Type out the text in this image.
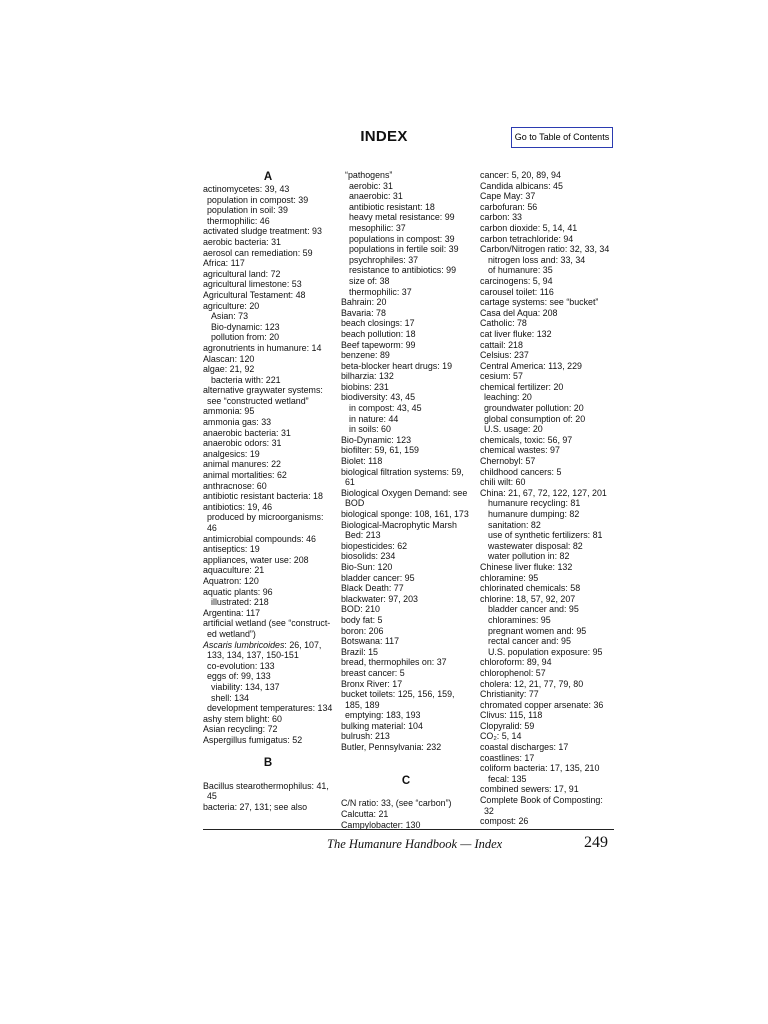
INDEX	Go to Table of Contents
A
actinomycetes: 39, 43
population in compost: 39
population in soil: 39
thermophilic: 46
activated sludge treatment: 93
aerobic bacteria: 31
aerosol can remediation: 59
Africa: 117
agricultural land: 72
agricultural limestone: 53
Agricultural Testament: 48
agriculture: 20
Asian: 73
Bio-dynamic: 123
pollution from: 20
agronutrients in humanure: 14
Alascan: 120
algae: 21, 92
bacteria with: 221
alternative graywater systems:
see “constructed wetland”
ammonia: 95
ammonia gas: 33
anaerobic bacteria: 31
anaerobic odors: 31
analgesics: 19
animal manures: 22
animal mortalities: 62
anthracnose: 60
antibiotic resistant bacteria: 18
antibiotics: 19, 46
produced by microorganisms:
46
antimicrobial compounds: 46
antiseptics: 19
appliances, water use: 208
aquaculture: 21
Aquatron: 120
aquatic plants: 96
illustrated: 218
Argentina: 117
artificial wetland (see “construct-
ed wetland”)
Ascaris lumbricoides: 26, 107,
133, 134, 137, 150-151
co-evolution: 133
eggs of: 99, 133
viability: 134, 137
shell: 134
development temperatures: 134
ashy stem blight: 60
Asian recycling: 72
Aspergillus fumigatus: 52
B
Bacillus stearothermophilus: 41,
45
bacteria: 27, 131; see also
“pathogens”
aerobic: 31
anaerobic: 31
antibiotic resistant: 18
heavy metal resistance: 99
mesophilic: 37
populations in compost: 39
populations in fertile soil: 39
psychrophiles: 37
resistance to antibiotics: 99
size of: 38
thermophilic: 37
Bahrain: 20
Bavaria: 78
beach closings: 17
beach pollution: 18
Beef tapeworm: 99
benzene: 89
beta-blocker heart drugs: 19
bilharzia: 132
biobins: 231
biodiversity: 43, 45
in compost: 43, 45
in nature: 44
in soils: 60
Bio-Dynamic: 123
biofilter: 59, 61, 159
Biolet: 118
biological filtration systems: 59,
61
Biological Oxygen Demand: see
BOD
biological sponge: 108, 161, 173
Biological-Macrophytic Marsh
Bed: 213
biopesticides: 62
biosolids: 234
Bio-Sun: 120
bladder cancer: 95
Black Death: 77
blackwater: 97, 203
BOD: 210
body fat: 5
boron: 206
Botswana: 117
Brazil: 15
bread, thermophiles on: 37
breast cancer: 5
Bronx River: 17
bucket toilets: 125, 156, 159,
185, 189
emptying: 183, 193
bulking material: 104
bulrush: 213
Butler, Pennsylvania: 232
C
C/N ratio: 33, (see “carbon”)
Calcutta: 21
Campylobacter: 130
cancer: 5, 20, 89, 94
Candida albicans: 45
Cape May: 37
carbofuran: 56
carbon: 33
carbon dioxide: 5, 14, 41
carbon tetrachloride: 94
Carbon/Nitrogen ratio: 32, 33, 34
nitrogen loss and: 33, 34
of humanure: 35
carcinogens: 5, 94
carousel toilet: 116
cartage systems: see “bucket”
Casa del Aqua: 208
Catholic: 78
cat liver fluke: 132
cattail: 218
Celsius: 237
Central America: 113, 229
cesium: 57
chemical fertilizer: 20
leaching: 20
groundwater pollution: 20
global consumption of: 20
U.S. usage: 20
chemicals, toxic: 56, 97
chemical wastes: 97
Chernobyl: 57
childhood cancers: 5
chili wilt: 60
China: 21, 67, 72, 122, 127, 201
humanure recycling: 81
humanure dumping: 82
sanitation: 82
use of synthetic fertilizers: 81
wastewater disposal: 82
water pollution in: 82
Chinese liver fluke: 132
chloramine: 95
chlorinated chemicals: 58
chlorine: 18, 57, 92, 207
bladder cancer and: 95
chloramines: 95
pregnant women and: 95
rectal cancer and: 95
U.S. population exposure: 95
chloroform: 89, 94
chlorophenol: 57
cholera: 12, 21, 77, 79, 80
Christianity: 77
chromated copper arsenate: 36
Clivus: 115, 118
Clopyralid: 59
CO₂: 5, 14
coastal discharges: 17
coastlines: 17
coliform bacteria: 17, 135, 210
fecal: 135
combined sewers: 17, 91
Complete Book of Composting:
32
compost: 26
The Humanure Handbook — Index	249
